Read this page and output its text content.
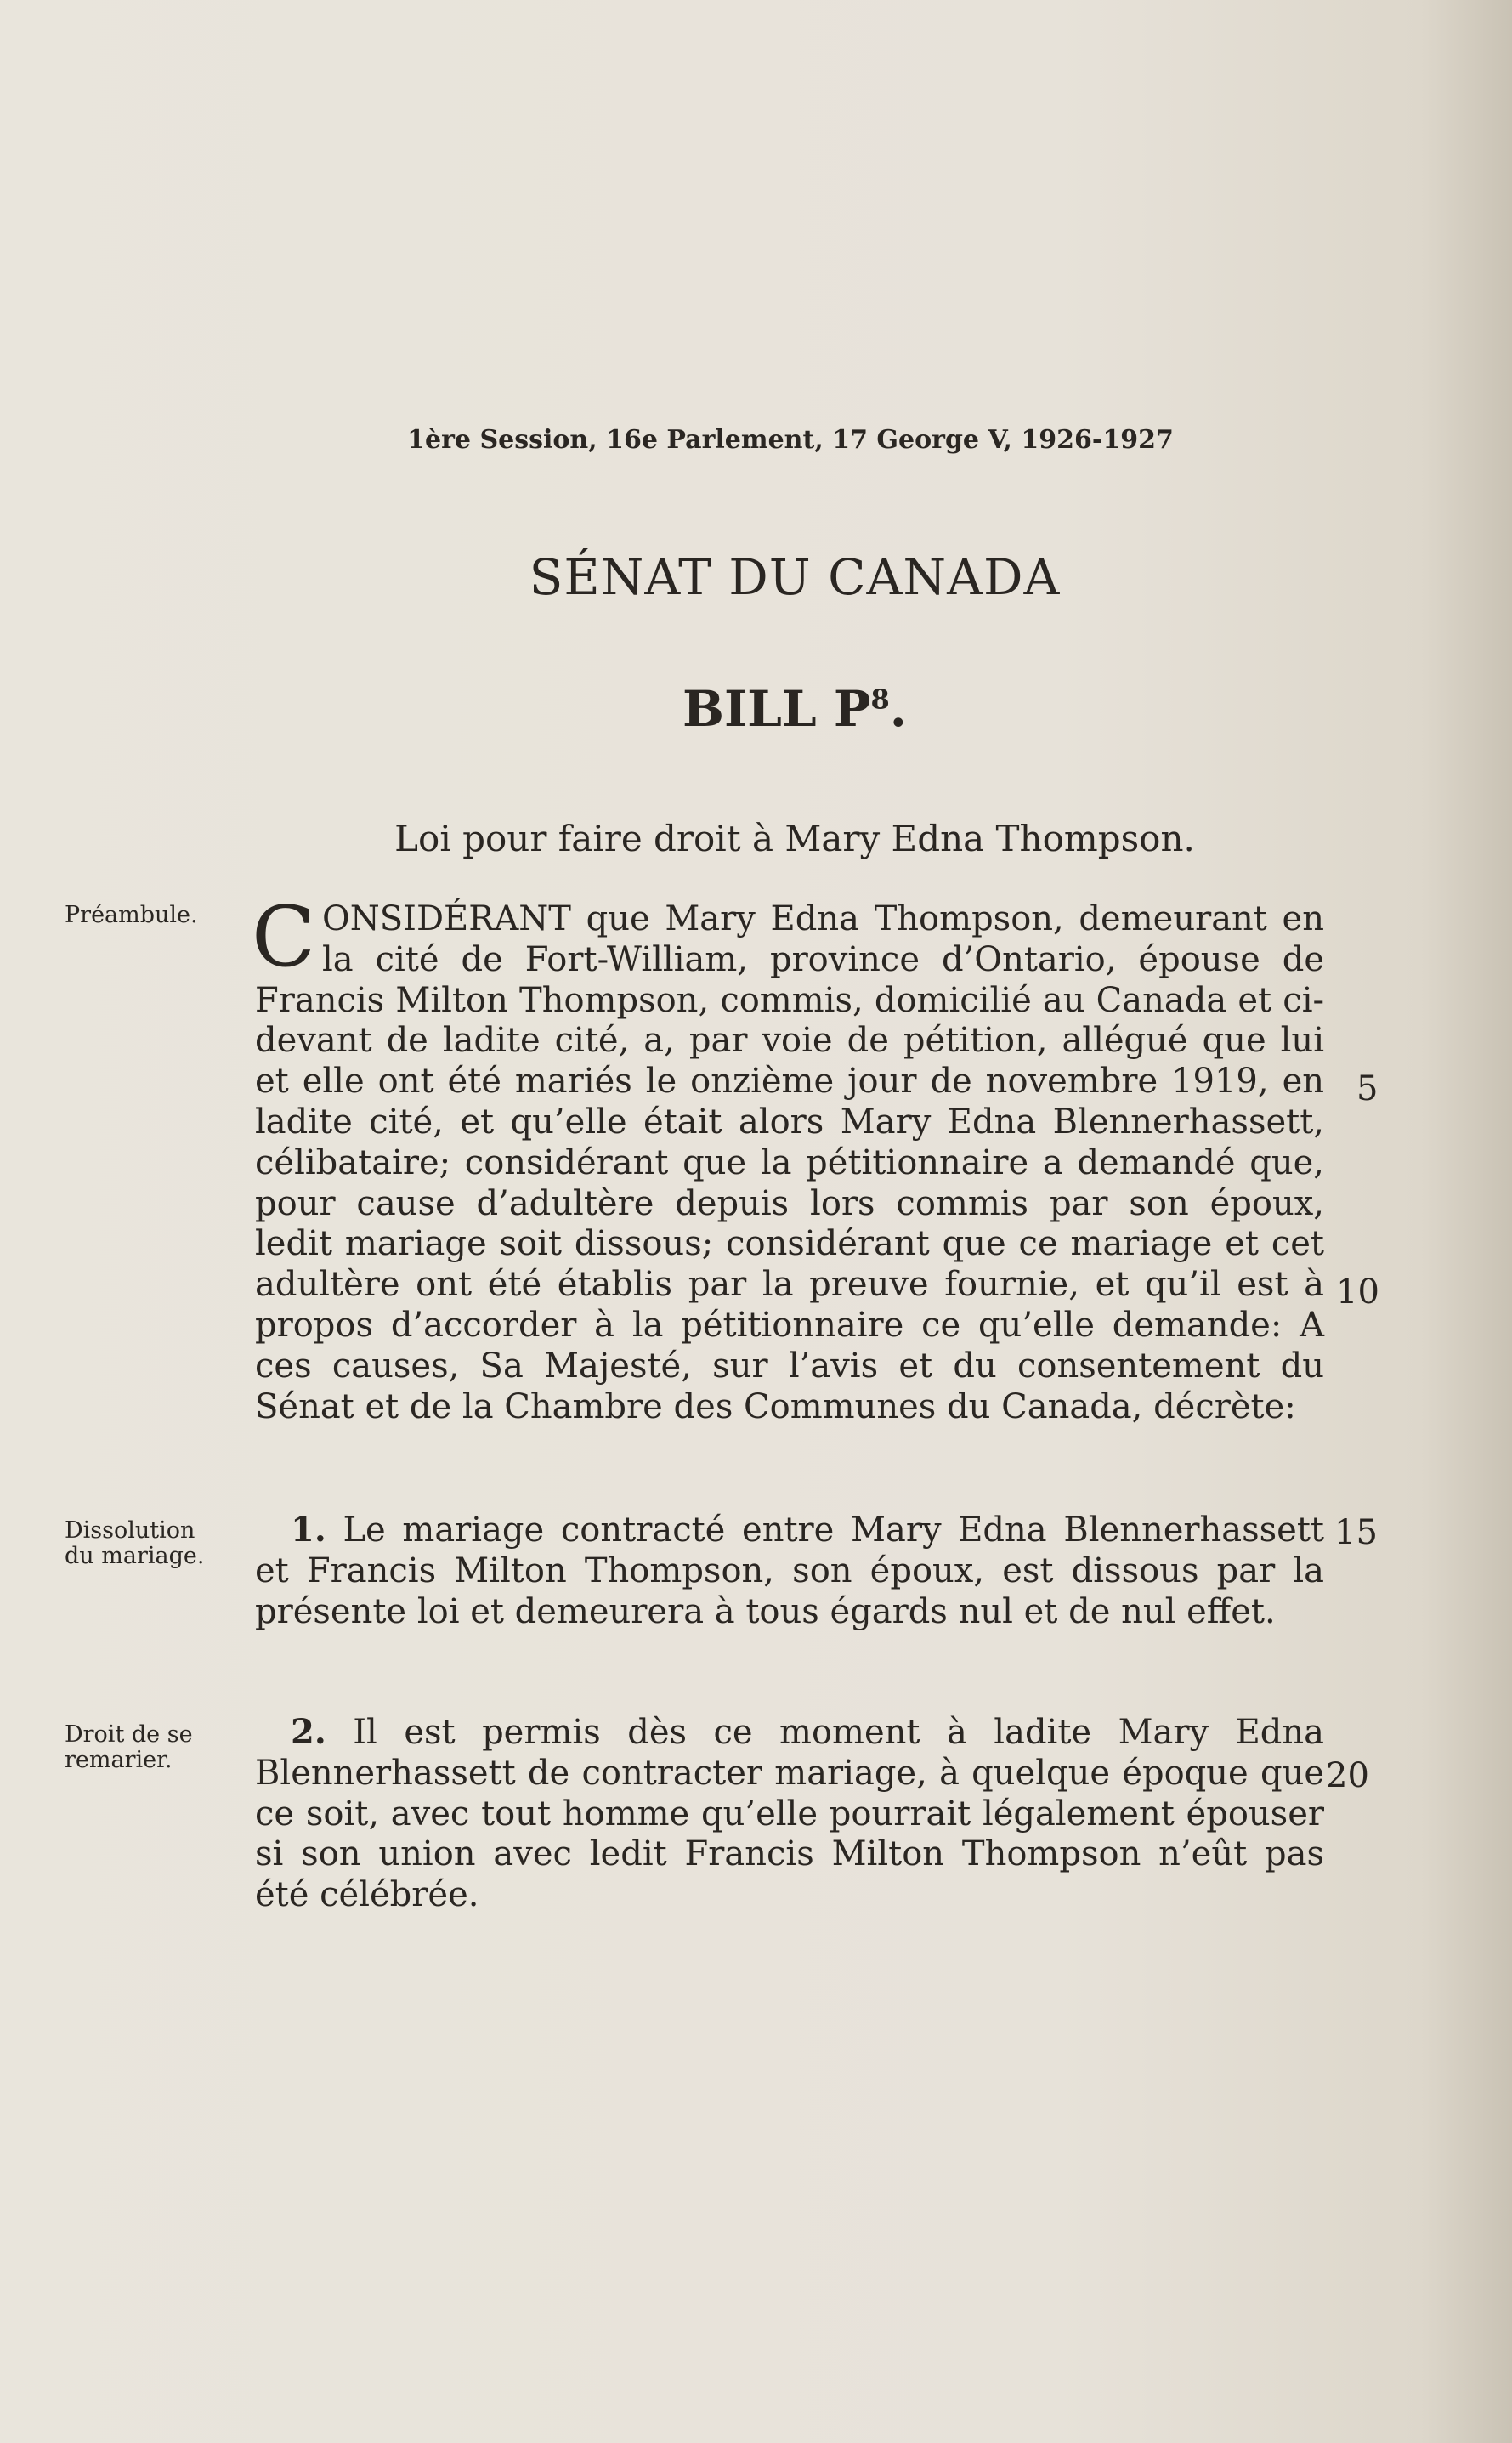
1ère Session, 16e Parlement, 17 George V, 1926-1927
SÉNAT DU CANADA
BILL $P^8$.
Loi pour faire droit à Mary Edna Thompson.
Préambule.
Dissolution du mariage.
Droit de se remarier.

CONSIDÉRANT que Mary Edna Thompson, demeurant en la cité de Fort-William, province d’Ontario, épouse de Francis Milton Thompson, commis, domicilié au Canada et ci-devant de ladite cité, a, par voie de pétition, allégué que lui et elle ont été mariés le onzième jour de novembre 1919, en ladite cité, et qu’elle était alors Mary Edna Blennerhassett, célibataire; considérant que la pétitionnaire a demandé que, pour cause d’adultère depuis lors commis par son époux, ledit mariage soit dissous; considérant que ce mariage et cet adultère ont été établis par la preuve fournie, et qu’il est à propos d’accorder à la pétitionnaire ce qu’elle demande: A ces causes, Sa Majesté, sur l’avis et du consentement du Sénat et de la Chambre des Communes du Canada, décrète:

1. Le mariage contracté entre Mary Edna Blennerhassett et Francis Milton Thompson, son époux, est dissous par la présente loi et demeurera à tous égards nul et de nul effet.

2. Il est permis dès ce moment à ladite Mary Edna Blennerhassett de contracter mariage, à quelque époque que ce soit, avec tout homme qu’elle pourrait légalement épouser si son union avec ledit Francis Milton Thompson n’eût pas été célébrée.

5
10
15
20
